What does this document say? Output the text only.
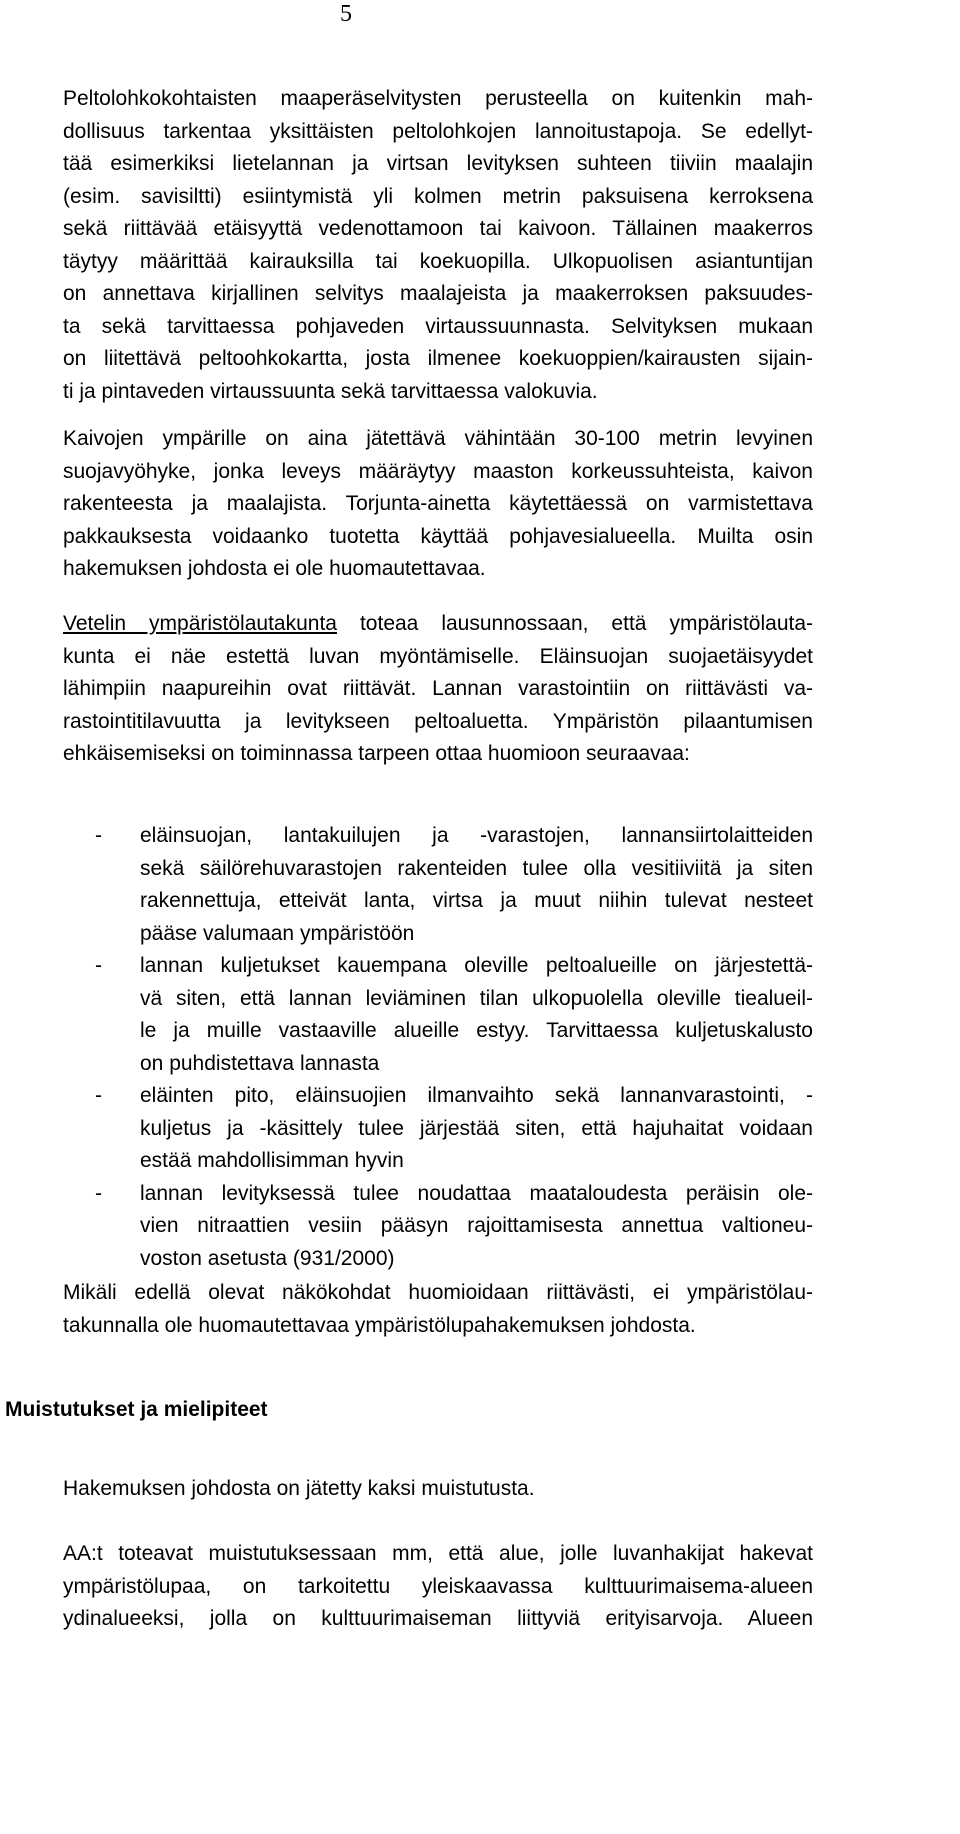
5
Peltolohkokohtaisten maaperäselvitysten perusteella on kuitenkin mah-
dollisuus tarkentaa yksittäisten peltolohkojen lannoitustapoja. Se edellyt-
tää esimerkiksi lietelannan ja virtsan levityksen suhteen tiiviin maalajin
(esim. savisiltti) esiintymistä yli kolmen metrin paksuisena kerroksena
sekä riittävää etäisyyttä vedenottamoon tai kaivoon. Tällainen maakerros
täytyy määrittää kairauksilla tai koekuopilla. Ulkopuolisen asiantuntijan
on annettava kirjallinen selvitys maalajeista ja maakerroksen paksuudes-
ta sekä tarvittaessa pohjaveden virtaussuunnasta. Selvityksen mukaan
on liitettävä peltoohkokartta, josta ilmenee koekuoppien/kairausten sijain-
ti ja pintaveden virtaussuunta sekä tarvittaessa valokuvia.
Kaivojen ympärille on aina jätettävä vähintään 30-100 metrin levyinen
suojavyöhyke, jonka leveys määräytyy maaston korkeussuhteista, kaivon
rakenteesta ja maalajista. Torjunta-ainetta käytettäessä on varmistettava
pakkauksesta voidaanko tuotetta käyttää pohjavesialueella. Muilta osin
hakemuksen johdosta ei ole huomautettavaa.
Vetelin ympäristölautakunta toteaa lausunnossaan, että ympäristölauta-
kunta ei näe estettä luvan myöntämiselle. Eläinsuojan suojaetäisyydet
lähimpiin naapureihin ovat riittävät. Lannan varastointiin on riittävästi va-
rastointitilavuutta ja levitykseen peltoaluetta. Ympäristön pilaantumisen
ehkäisemiseksi on toiminnassa tarpeen ottaa huomioon seuraavaa:
- eläinsuojan, lantakuilujen ja -varastojen, lannansiirtolaitteiden
sekä säilörehuvarastojen rakenteiden tulee olla vesitiiviitä ja siten
rakennettuja, etteivät lanta, virtsa ja muut niihin tulevat nesteet
pääse valumaan ympäristöön
- lannan kuljetukset kauempana oleville peltoalueille on järjestettä-
vä siten, että lannan leviäminen tilan ulkopuolella oleville tiealueil-
le ja muille vastaaville alueille estyy. Tarvittaessa kuljetuskalusto
on puhdistettava lannasta
- eläinten pito, eläinsuojien ilmanvaihto sekä lannanvarastointi, -
kuljetus ja -käsittely tulee järjestää siten, että hajuhaitat voidaan
estää mahdollisimman hyvin
- lannan levityksessä tulee noudattaa maataloudesta peräisin ole-
vien nitraattien vesiin pääsyn rajoittamisesta annettua valtioneu-
voston asetusta (931/2000)
Mikäli edellä olevat näkökohdat huomioidaan riittävästi, ei ympäristölau-
takunnalla ole huomautettavaa ympäristölupahakemuksen johdosta.
Muistutukset ja mielipiteet
Hakemuksen johdosta on jätetty kaksi muistutusta.
AA:t toteavat muistutuksessaan mm, että alue, jolle luvanhakijat hakevat
ympäristölupaa, on tarkoitettu yleiskaavassa kulttuurimaisema-alueen
ydinalueeksi, jolla on kulttuurimaiseman liittyviä erityisarvoja. Alueen
